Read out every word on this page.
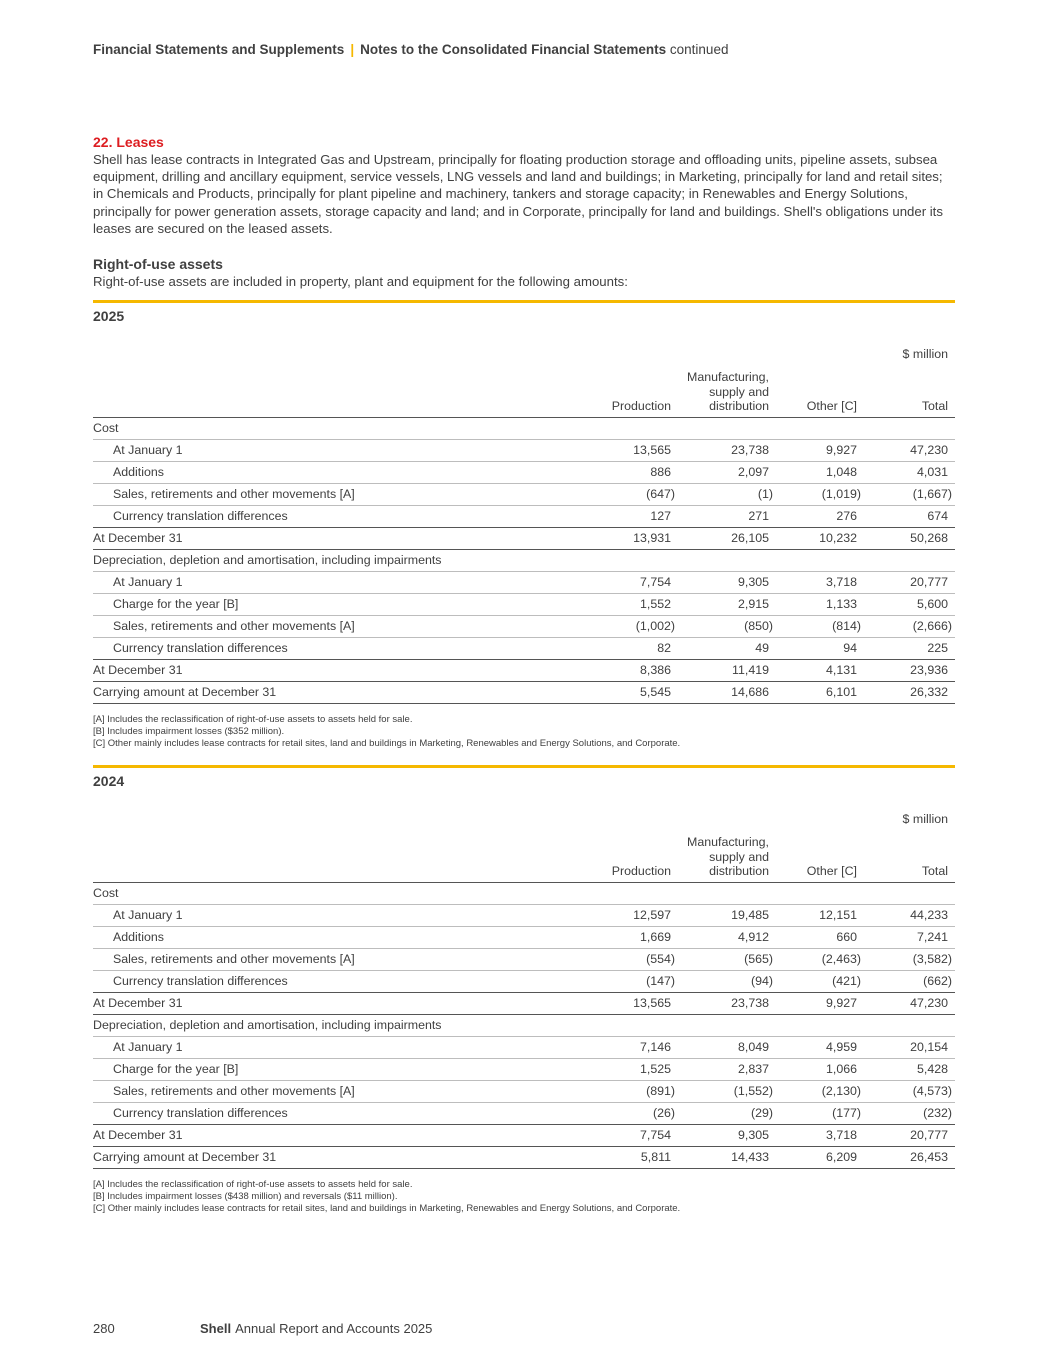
Financial Statements and Supplements | Notes to the Consolidated Financial Statements continued
22. Leases

Shell has lease contracts in Integrated Gas and Upstream, principally for floating production storage and offloading units, pipeline assets, subsea equipment, drilling and ancillary equipment, service vessels, LNG vessels and land and buildings; in Marketing, principally for land and retail sites; in Chemicals and Products, principally for plant pipeline and machinery, tankers and storage capacity; in Renewables and Energy Solutions, principally for power generation assets, storage capacity and land; and in Corporate, principally for land and buildings. Shell's obligations under its leases are secured on the leased assets.

Right-of-use assets

Right-of-use assets are included in property, plant and equipment for the following amounts:

2025
				$ million

	Production	Manufacturing,
supply and
distribution	Other [C]	Total

Cost				
At January 1	13,565	23,738	9,927	47,230
Additions	886	2,097	1,048	4,031
Sales, retirements and other movements [A]	(647)	(1)	(1,019)	(1,667)
Currency translation differences	127	271	276	674
At December 31	13,931	26,105	10,232	50,268
Depreciation, depletion and amortisation, including impairments				
At January 1	7,754	9,305	3,718	20,777
Charge for the year [B]	1,552	2,915	1,133	5,600
Sales, retirements and other movements [A]	(1,002)	(850)	(814)	(2,666)
Currency translation differences	82	49	94	225
At December 31	8,386	11,419	4,131	23,936
Carrying amount at December 31	5,545	14,686	6,101	26,332
[A] Includes the reclassification of right-of-use assets to assets held for sale.
[B] Includes impairment losses ($352 million).
[C] Other mainly includes lease contracts for retail sites, land and buildings in Marketing, Renewables and Energy Solutions, and Corporate.
2024
				$ million

	Production	Manufacturing,
supply and
distribution	Other [C]	Total

Cost				
At January 1	12,597	19,485	12,151	44,233
Additions	1,669	4,912	660	7,241
Sales, retirements and other movements [A]	(554)	(565)	(2,463)	(3,582)
Currency translation differences	(147)	(94)	(421)	(662)
At December 31	13,565	23,738	9,927	47,230
Depreciation, depletion and amortisation, including impairments				
At January 1	7,146	8,049	4,959	20,154
Charge for the year [B]	1,525	2,837	1,066	5,428
Sales, retirements and other movements [A]	(891)	(1,552)	(2,130)	(4,573)
Currency translation differences	(26)	(29)	(177)	(232)
At December 31	7,754	9,305	3,718	20,777
Carrying amount at December 31	5,811	14,433	6,209	26,453
[A] Includes the reclassification of right-of-use assets to assets held for sale.
[B] Includes impairment losses ($438 million) and reversals ($11 million).
[C] Other mainly includes lease contracts for retail sites, land and buildings in Marketing, Renewables and Energy Solutions, and Corporate.
280	Shell Annual Report and Accounts 2025
